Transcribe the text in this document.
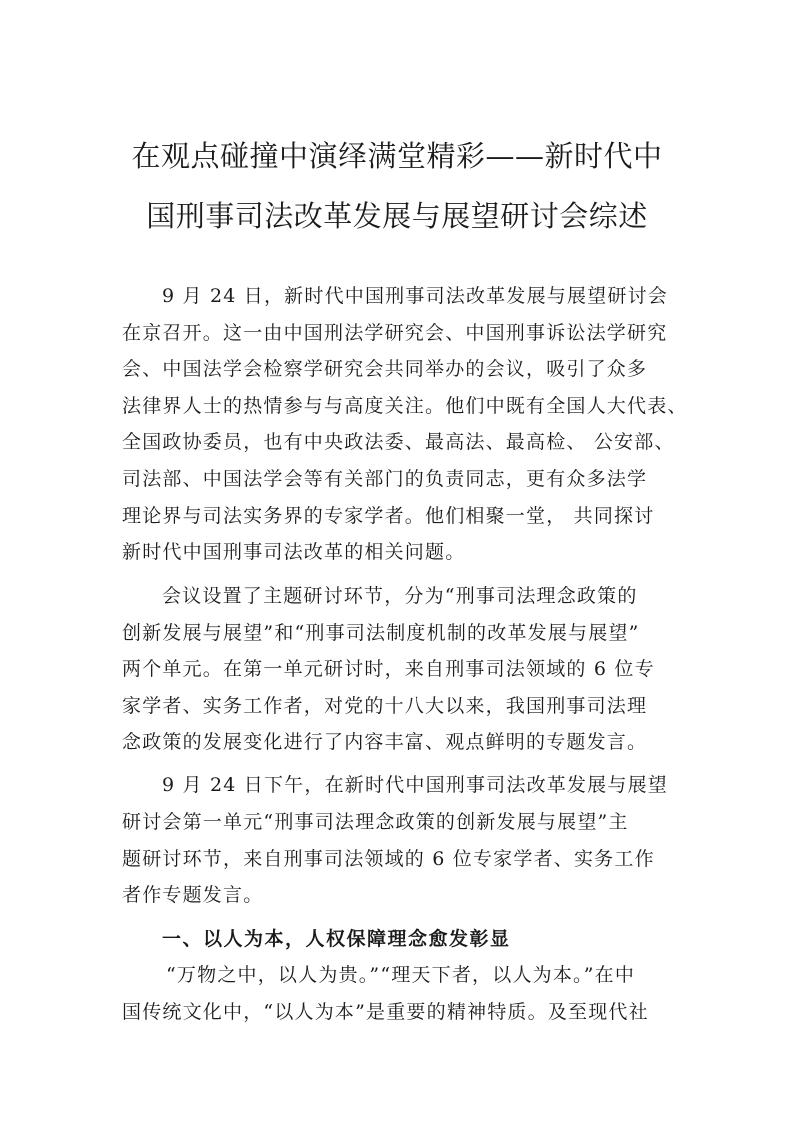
在观点碰撞中演绎满堂精彩——新时代中
国刑事司法改革发展与展望研讨会综述
9 月 24 日，新时代中国刑事司法改革发展与展望研讨会
在京召开。这一由中国刑法学研究会、中国刑事诉讼法学研究
会、中国法学会检察学研究会共同举办的会议，吸引了众多
法律界人士的热情参与与高度关注。他们中既有全国人大代表、
全国政协委员，也有中央政法委、最高法、最高检、 公安部、
司法部、中国法学会等有关部门的负责同志，更有众多法学
理论界与司法实务界的专家学者。他们相聚一堂， 共同探讨
新时代中国刑事司法改革的相关问题。
会议设置了主题研讨环节，分为“刑事司法理念政策的
创新发展与展望”和“刑事司法制度机制的改革发展与展望”
两个单元。在第一单元研讨时，来自刑事司法领域的 6 位专
家学者、实务工作者，对党的十八大以来，我国刑事司法理
念政策的发展变化进行了内容丰富、观点鲜明的专题发言。
9 月 24 日下午，在新时代中国刑事司法改革发展与展望
研讨会第一单元“刑事司法理念政策的创新发展与展望”主
题研讨环节，来自刑事司法领域的 6 位专家学者、实务工作
者作专题发言。
一、以人为本，人权保障理念愈发彰显
“万物之中，以人为贵。”“理天下者，以人为本。”在中
国传统文化中，“以人为本”是重要的精神特质。及至现代社
